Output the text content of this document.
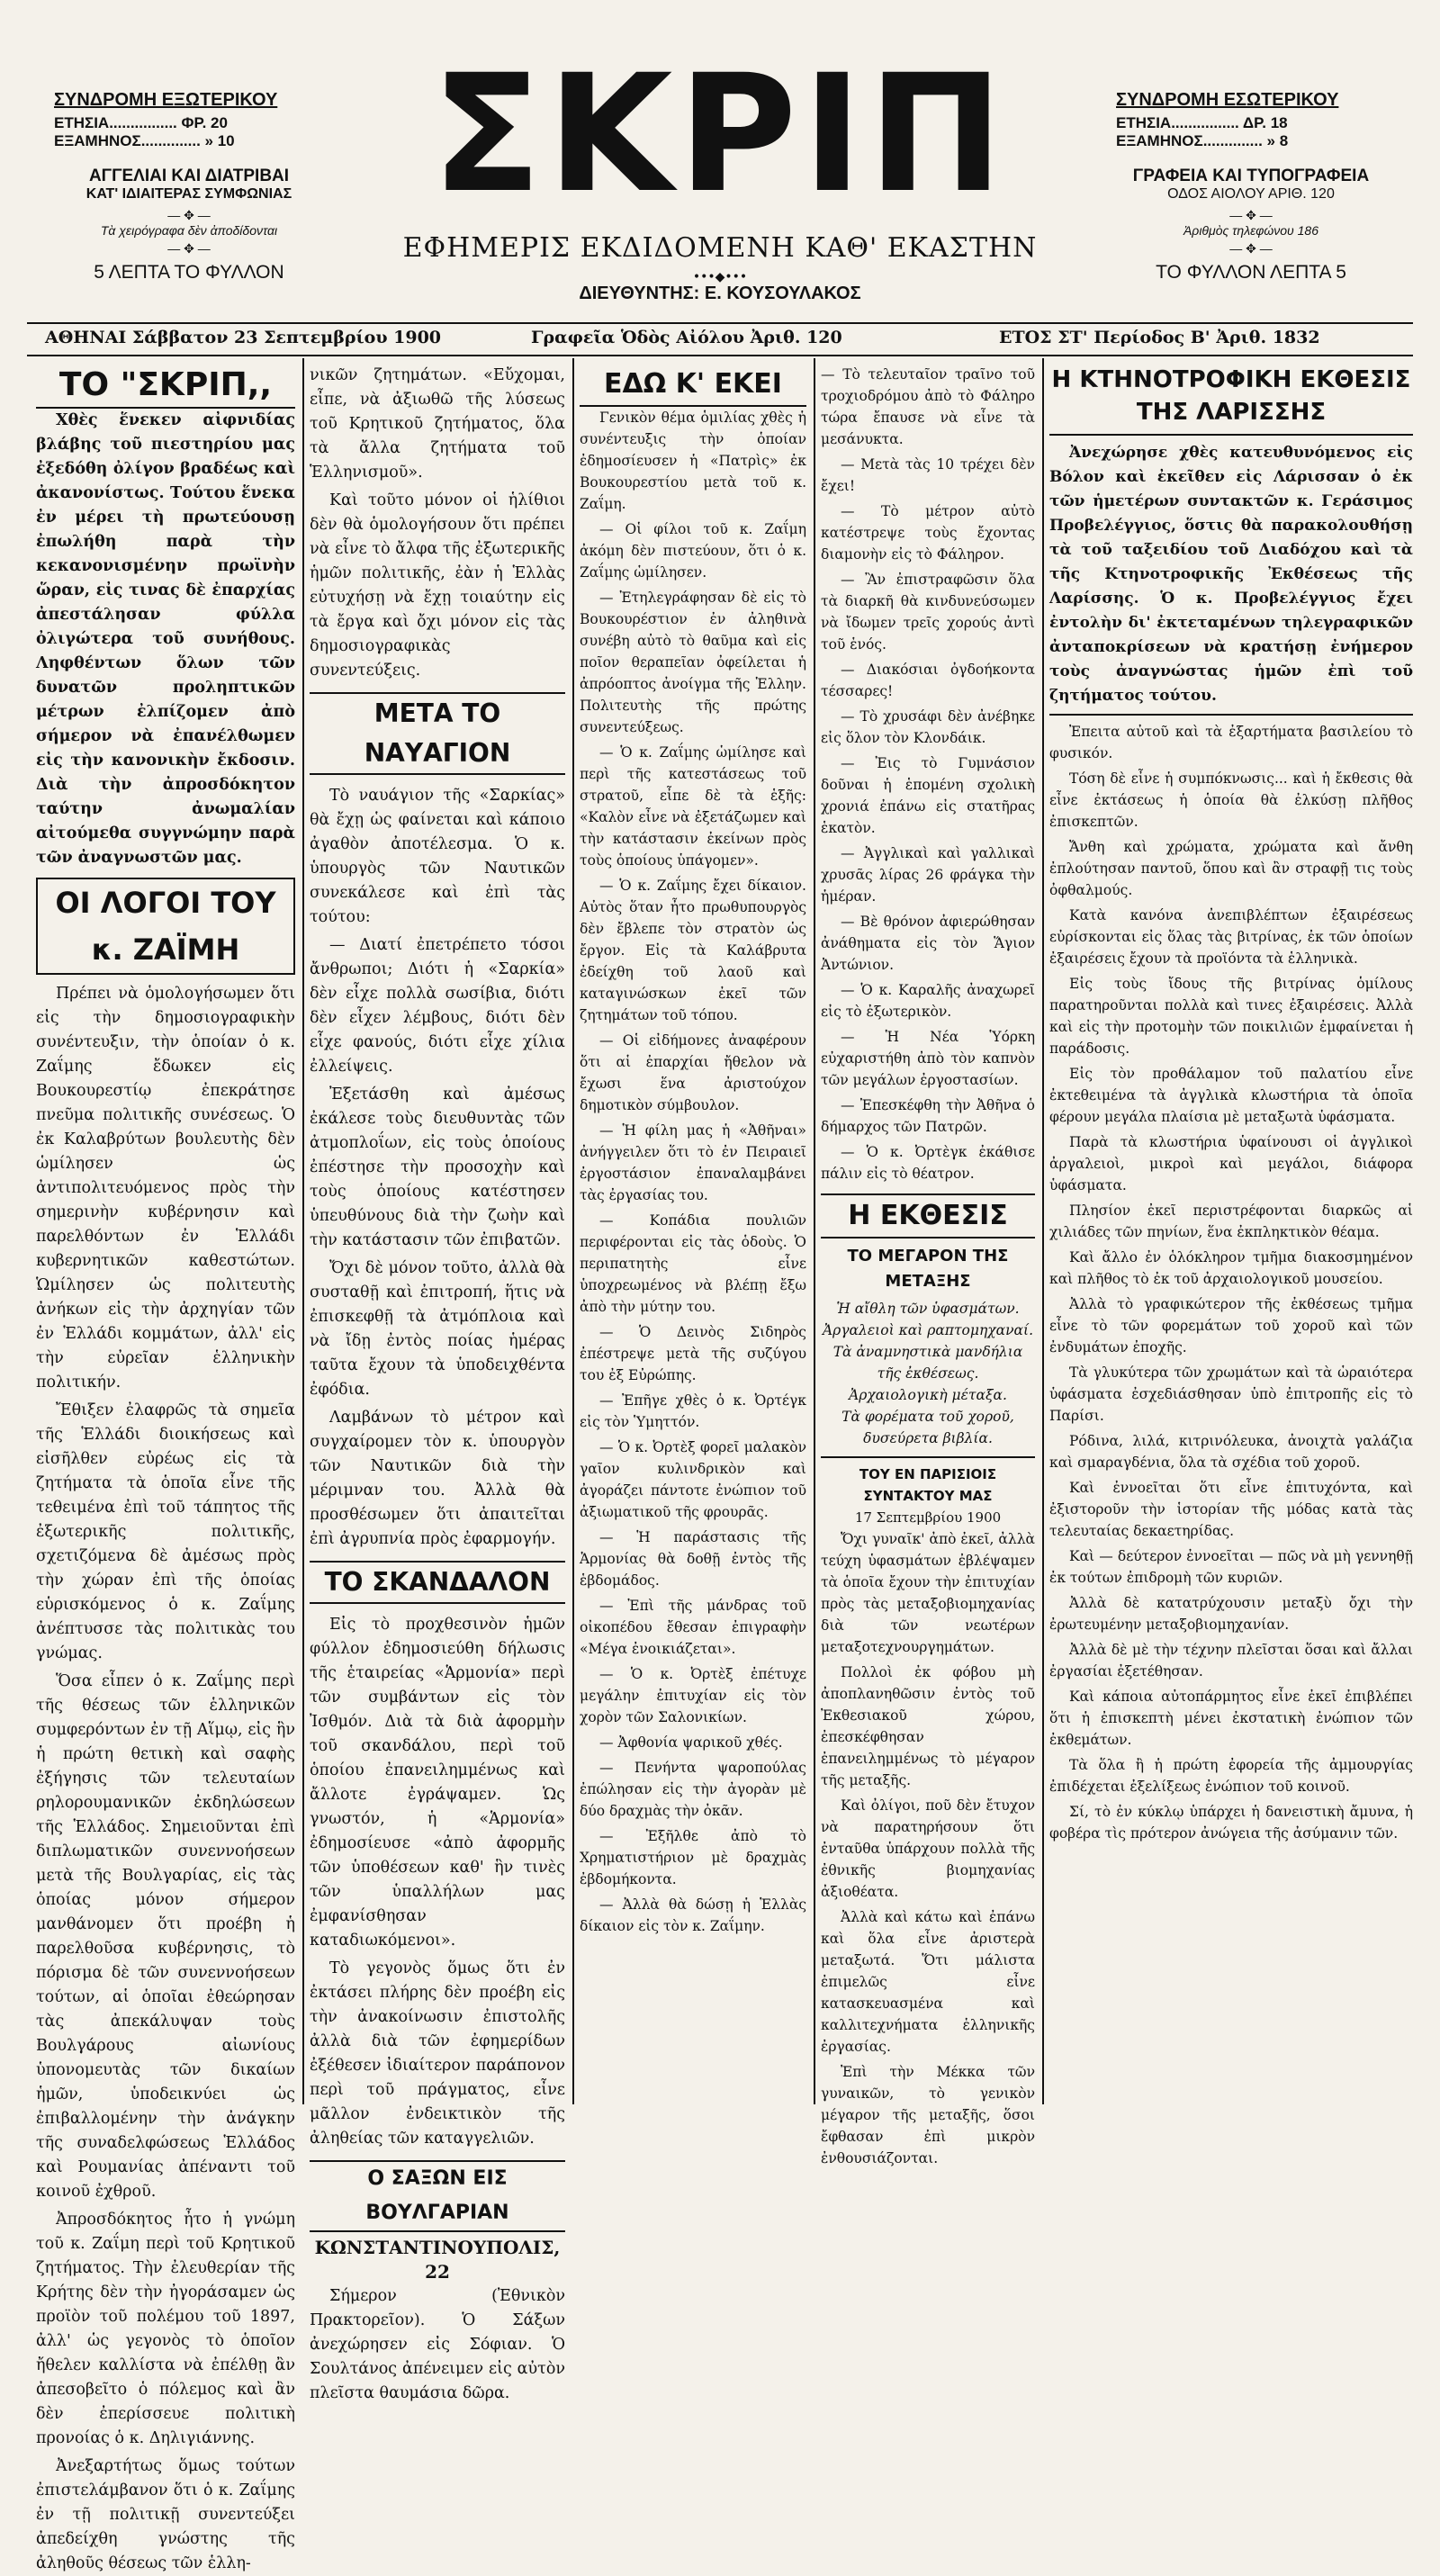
ΣΥΝΔΡΟΜΗ ΕΞΩΤΕΡΙΚΟΥ
ΕΤΗΣΙΑ................ ΦΡ. 20
ΕΞΑΜΗΝΟΣ.............. » 10
ΑΓΓΕΛΙΑΙ ΚΑΙ ΔΙΑΤΡΙΒΑΙ
ΚΑΤ' ΙΔΙΑΙΤΕΡΑΣ ΣΥΜΦΩΝΙΑΣ
— ✥ —
Τὰ χειρόγραφα δὲν ἀποδίδονται
— ✥ —
5 ΛΕΠΤΑ ΤΟ ΦΥΛΛΟΝ
ΣΚΡΙΠ
ΕΦΗΜΕΡΙΣ ΕΚΔΙΔΟΜΕΝΗ ΚΑΘ' ΕΚΑΣΤΗΝ
•••◆•••
ΔΙΕΥΘΥΝΤΗΣ: Ε. ΚΟΥΣΟΥΛΑΚΟΣ
ΣΥΝΔΡΟΜΗ ΕΣΩΤΕΡΙΚΟΥ
ΕΤΗΣΙΑ................ ΔΡ. 18
ΕΞΑΜΗΝΟΣ.............. » 8
ΓΡΑΦΕΙΑ ΚΑΙ ΤΥΠΟΓΡΑΦΕΙΑ
ΟΔΟΣ ΑΙΟΛΟΥ ΑΡΙΘ. 120
— ✥ —
Ἀριθμὸς τηλεφώνου 186
— ✥ —
ΤΟ ΦΥΛΛΟΝ ΛΕΠΤΑ 5
ΑΘΗΝΑΙ Σάββατον 23 Σεπτεμβρίου 1900	Γραφεῖα Ὁδὸς Αἰόλου Ἀριθ. 120	ΕΤΟΣ ΣΤ' Περίοδος Β' Ἀριθ. 1832
ΤΟ "ΣΚΡΙΠ,,

Χθὲς ἕνεκεν αἰφνιδίας βλάβης τοῦ πιεστηρίου μας ἐξεδόθη ὀλίγον βραδέως καὶ ἀκανονίστως. Τούτου ἕνεκα ἐν μέρει τὴ πρωτεύουσῃ ἐπωλήθη παρὰ τὴν κεκανονισμένην πρωϊνὴν ὥραν, εἰς τινας δὲ ἐπαρχίας ἀπεστάλησαν φύλλα ὀλιγώτερα τοῦ συνήθους. Ληφθέντων ὅλων τῶν δυνατῶν προληπτικῶν μέτρων ἐλπίζομεν ἀπὸ σήμερον νὰ ἐπανέλθωμεν εἰς τὴν κανονικὴν ἔκδοσιν. Διὰ τὴν ἀπροσδόκητον ταύτην ἀνωμαλίαν αἰτούμεθα συγγνώμην παρὰ τῶν ἀναγνωστῶν μας.

ΟΙ ΛΟΓΟΙ ΤΟΥ κ. ΖΑΪΜΗ

Πρέπει νὰ ὁμολογήσωμεν ὅτι εἰς τὴν δημοσιογραφικὴν συνέντευξιν, τὴν ὁποίαν ὁ κ. Ζαΐμης ἔδωκεν εἰς Βουκουρεστίῳ ἐπεκράτησε πνεῦμα πολιτικῆς συνέσεως. Ὁ ἐκ Καλαβρύτων βουλευτὴς δὲν ὡμίλησεν ὡς ἀντιπολιτευόμενος πρὸς τὴν σημερινὴν κυβέρνησιν καὶ παρελθόντων ἐν Ἑλλάδι κυβερνητικῶν καθεστώτων. Ὡμίλησεν ὡς πολιτευτὴς ἀνήκων εἰς τὴν ἀρχηγίαν τῶν ἐν Ἑλλάδι κομμάτων, ἀλλ' εἰς τὴν εὐρεῖαν ἑλληνικὴν πολιτικήν.

Ἔθιξεν ἐλαφρῶς τὰ σημεῖα τῆς Ἑλλάδι διοικήσεως καὶ εἰσῆλθεν εὐρέως εἰς τὰ ζητήματα τὰ ὁποῖα εἶνε τῆς τεθειμένα ἐπὶ τοῦ τάπητος τῆς ἐξωτερικῆς πολιτικῆς, σχετιζόμενα δὲ ἀμέσως πρὸς τὴν χώραν ἐπὶ τῆς ὁποίας εὑρισκόμενος ὁ κ. Ζαΐμης ἀνέπτυσσε τὰς πολιτικὰς του γνώμας.

Ὅσα εἶπεν ὁ κ. Ζαΐμης περὶ τῆς θέσεως τῶν ἑλληνικῶν συμφερόντων ἐν τῇ Αἵμῳ, εἰς ἣν ἡ πρώτη θετικὴ καὶ σαφὴς ἐξήγησις τῶν τελευταίων ρηλορουμανικῶν ἐκδηλώσεων τῆς Ἑλλάδος. Σημειοῦνται ἐπὶ διπλωματικῶν συνεννοήσεων μετὰ τῆς Βουλγαρίας, εἰς τὰς ὁποίας μόνον σήμερον μανθάνομεν ὅτι προέβη ἡ παρελθοῦσα κυβέρνησις, τὸ πόρισμα δὲ τῶν συνεννοήσεων τούτων, αἱ ὁποῖαι ἐθεώρησαν τὰς ἀπεκάλυψαν τοὺς Βουλγάρους αἰωνίους ὑπονομευτὰς τῶν δικαίων ἡμῶν, ὑποδεικνύει ὡς ἐπιβαλλομένην τὴν ἀνάγκην τῆς συναδελφώσεως Ἑλλάδος καὶ Ρουμανίας ἀπέναντι τοῦ κοινοῦ ἐχθροῦ.

Ἀπροσδόκητος ἦτο ἡ γνώμη τοῦ κ. Ζαΐμη περὶ τοῦ Κρητικοῦ ζητήματος. Τὴν ἐλευθερίαν τῆς Κρήτης δὲν τὴν ἠγοράσαμεν ὡς προϊὸν τοῦ πολέμου τοῦ 1897, ἀλλ' ὡς γεγονὸς τὸ ὁποῖον ἤθελεν καλλίστα νὰ ἐπέλθῃ ἂν ἀπεσοβεῖτο ὁ πόλεμος καὶ ἂν δὲν ἐπερίσσευε πολιτικὴ προνοίας ὁ κ. Δηλιγιάννης.

Ἀνεξαρτήτως ὅμως τούτων ἐπιστελάμβανον ὅτι ὁ κ. Ζαΐμης ἐν τῇ πολιτικῇ συνεντεύξει ἀπεδείχθη γνώστης τῆς ἀληθοῦς θέσεως τῶν ἑλλη-

νικῶν ζητημάτων. «Εὔχομαι, εἶπε, νὰ ἀξιωθῶ τῆς λύσεως τοῦ Κρητικοῦ ζητήματος, ὅλα τὰ ἄλλα ζητήματα τοῦ Ἑλληνισμοῦ».

Καὶ τοῦτο μόνον οἱ ἡλίθιοι δὲν θὰ ὁμολογήσουν ὅτι πρέπει νὰ εἶνε τὸ ἄλφα τῆς ἐξωτερικῆς ἡμῶν πολιτικῆς, ἐὰν ἡ Ἑλλὰς εὐτυχήσῃ νὰ ἔχῃ τοιαύτην εἰς τὰ ἔργα καὶ ὄχι μόνον εἰς τὰς δημοσιογραφικὰς συνεντεύξεις.

ΜΕΤΑ ΤΟ ΝΑΥΑΓΙΟΝ

Τὸ ναυάγιον τῆς «Σαρκίας» θὰ ἔχῃ ὡς φαίνεται καὶ κάποιο ἀγαθὸν ἀποτέλεσμα. Ὁ κ. ὑπουργὸς τῶν Ναυτικῶν συνεκάλεσε καὶ ἐπὶ τὰς τούτου:

— Διατί ἐπετρέπετο τόσοι ἄνθρωποι; Διότι ἡ «Σαρκία» δὲν εἶχε πολλὰ σωσίβια, διότι δὲν εἶχεν λέμβους, διότι δὲν εἶχε φανούς, διότι εἶχε χίλια ἐλλείψεις.

Ἐξετάσθη καὶ ἀμέσως ἐκάλεσε τοὺς διευθυντὰς τῶν ἀτμοπλοΐων, εἰς τοὺς ὁποίους ἐπέστησε τὴν προσοχὴν καὶ τοὺς ὁποίους κατέστησεν ὑπευθύνους διὰ τὴν ζωὴν καὶ τὴν κατάστασιν τῶν ἐπιβατῶν.

Ὄχι δὲ μόνον τοῦτο, ἀλλὰ θὰ συσταθῇ καὶ ἐπιτροπή, ἥτις νὰ ἐπισκεφθῇ τὰ ἀτμόπλοια καὶ νὰ ἴδῃ ἐντὸς ποίας ἡμέρας ταῦτα ἔχουν τὰ ὑποδειχθέντα ἐφόδια.

Λαμβάνων τὸ μέτρον καὶ συγχαίρομεν τὸν κ. ὑπουργὸν τῶν Ναυτικῶν διὰ τὴν μέριμναν του. Ἀλλὰ θὰ προσθέσωμεν ὅτι ἀπαιτεῖται ἐπὶ ἀγρυπνία πρὸς ἐφαρμογήν.

ΤΟ ΣΚΑΝΔΑΛΟΝ

Εἰς τὸ προχθεσινὸν ἡμῶν φύλλον ἐδημοσιεύθη δήλωσις τῆς ἑταιρείας «Ἁρμονία» περὶ τῶν συμβάντων εἰς τὸν Ἰσθμόν. Διὰ τὰ διὰ ἀφορμὴν τοῦ σκανδάλου, περὶ τοῦ ὁποίου ἐπανειλημμένως καὶ ἄλλοτε ἐγράψαμεν. Ὡς γνωστόν, ἡ «Ἁρμονία» ἐδημοσίευσε «ἀπὸ ἀφορμῆς τῶν ὑποθέσεων καθ' ἣν τινὲς τῶν ὑπαλλήλων μας ἐμφανίσθησαν καταδιωκόμενοι».

Τὸ γεγονὸς ὅμως ὅτι ἐν ἐκτάσει πλήρης δὲν προέβη εἰς τὴν ἀνακοίνωσιν ἐπιστολῆς ἀλλὰ διὰ τῶν ἐφημερίδων ἐξέθεσεν ἰδιαίτερον παράπονον περὶ τοῦ πράγματος, εἶνε μᾶλλον ἐνδεικτικὸν τῆς ἀληθείας τῶν καταγγελιῶν.

Ο ΣΑΞΩΝ ΕΙΣ ΒΟΥΛΓΑΡΙΑΝ
ΚΩΝΣΤΑΝΤΙΝΟΥΠΟΛΙΣ, 22

Σήμερον (Ἐθνικὸν Πρακτορεῖον). Ὁ Σάξων ἀνεχώρησεν εἰς Σόφιαν. Ὁ Σουλτάνος ἀπένειμεν εἰς αὐτὸν πλεῖστα θαυμάσια δῶρα.

ΕΔΩ Κ' ΕΚΕΙ

Γενικὸν θέμα ὁμιλίας χθὲς ἡ συνέντευξις τὴν ὁποίαν ἐδημοσίευσεν ἡ «Πατρὶς» ἐκ Βουκουρεστίου μετὰ τοῦ κ. Ζαΐμη.

— Οἱ φίλοι τοῦ κ. Ζαΐμη ἀκόμη δὲν πιστεύουν, ὅτι ὁ κ. Ζαΐμης ὡμίλησεν.

— Ἐτηλεγράφησαν δὲ εἰς τὸ Βουκουρέστιον ἐν ἀληθινὰ συνέβη αὐτὸ τὸ θαῦμα καὶ εἰς ποῖον θεραπεῖαν ὀφείλεται ἡ ἀπρόοπτος ἀνοίγμα τῆς Ἑλλην. Πολιτευτὴς τῆς πρώτης συνεντεύξεως.

— Ὁ κ. Ζαΐμης ὡμίλησε καὶ περὶ τῆς κατεστάσεως τοῦ στρατοῦ, εἶπε δὲ τὰ ἑξῆς: «Καλὸν εἶνε νὰ ἐξετάζωμεν καὶ τὴν κατάστασιν ἐκείνων πρὸς τοὺς ὁποίους ὑπάγομεν».

— Ὁ κ. Ζαΐμης ἔχει δίκαιον. Αὐτὸς ὅταν ἦτο πρωθυπουργὸς δὲν ἔβλεπε τὸν στρατὸν ὡς ἔργον. Εἰς τὰ Καλάβρυτα ἐδείχθη τοῦ λαοῦ καὶ καταγινώσκων ἐκεῖ τῶν ζητημάτων τοῦ τόπου.

— Οἱ εἰδήμονες ἀναφέρουν ὅτι αἱ ἐπαρχίαι ἤθελον νὰ ἔχωσι ἕνα ἀριστούχον δημοτικὸν σύμβουλον.

— Ἡ φίλη μας ἡ «Ἀθῆναι» ἀνήγγειλεν ὅτι τὸ ἐν Πειραιεῖ ἐργοστάσιον ἐπαναλαμβάνει τὰς ἐργασίας του.

— Κοπάδια πουλιῶν περιφέρονται εἰς τὰς ὁδοὺς. Ὁ περιπατητὴς εἶνε ὑποχρεωμένος νὰ βλέπῃ ἔξω ἀπὸ τὴν μύτην του.

— Ὁ Δεινὸς Σιδηρὸς ἐπέστρεψε μετὰ τῆς συζύγου του ἐξ Εὐρώπης.

— Ἐπῆγε χθὲς ὁ κ. Ὀρτέγκ εἰς τὸν Ὑμηττόν.

— Ὁ κ. Ὀρτὲξ φορεῖ μαλακὸν γαῖον κυλινδρικὸν καὶ ἀγοράζει πάντοτε ἐνώπιον τοῦ ἀξιωματικοῦ τῆς φρουρᾶς.

— Ἡ παράστασις τῆς Ἁρμονίας θὰ δοθῇ ἐντὸς τῆς ἑβδομάδος.

— Ἐπὶ τῆς μάνδρας τοῦ οἰκοπέδου ἔθεσαν ἐπιγραφὴν «Μέγα ἐνοικιάζεται».

— Ὁ κ. Ὀρτὲξ ἐπέτυχε μεγάλην ἐπιτυχίαν εἰς τὸν χορὸν τῶν Σαλονικίων.

— Ἀφθονία ψαρικοῦ χθές.

— Πενήντα ψαροπούλας ἐπώλησαν εἰς τὴν ἀγορὰν μὲ δύο δραχμὰς τὴν ὀκᾶν.

— Ἐξῆλθε ἀπὸ τὸ Χρηματιστήριον μὲ δραχμὰς ἐβδομήκοντα.

— Ἀλλὰ θὰ δώσῃ ἡ Ἑλλὰς δίκαιον εἰς τὸν κ. Ζαΐμην.

— Τὸ τελευταῖον τραῖνο τοῦ τροχιοδρόμου ἀπὸ τὸ Φάληρο τώρα ἔπαυσε νὰ εἶνε τὰ μεσάνυκτα.

— Μετὰ τὰς 10 τρέχει δὲν ἔχει!

— Τὸ μέτρον αὐτὸ κατέστρεψε τοὺς ἔχοντας διαμονὴν εἰς τὸ Φάληρον.

— Ἂν ἐπιστραφῶσιν ὅλα τὰ διαρκῆ θὰ κινδυνεύσωμεν νὰ ἴδωμεν τρεῖς χορούς ἀντὶ τοῦ ἑνός.

— Διακόσιαι ὀγδοήκοντα τέσσαρες!

— Τὸ χρυσάφι δὲν ἀνέβηκε εἰς ὅλον τὸν Κλονδάικ.

— Ἐις τὸ Γυμνάσιον δοῦναι ἡ ἑπομένη σχολικὴ χρονιά ἐπάνω εἰς στατῆρας ἑκατὸν.

— Ἀγγλικαὶ καὶ γαλλικαὶ χρυσᾶς λίρας 26 φράγκα τὴν ἡμέραν.

— Βὲ θρόνον ἀφιερώθησαν ἀνάθηματα εἰς τὸν Ἅγιον Ἀντώνιον.

— Ὁ κ. Καραλῆς ἀναχωρεῖ εἰς τὸ ἐξωτερικὸν.

— Ἡ Νέα Ὑόρκη εὐχαριστήθη ἀπὸ τὸν καπνὸν τῶν μεγάλων ἐργοστασίων.

— Ἐπεσκέφθη τὴν Ἀθῆνα ὁ δήμαρχος τῶν Πατρῶν.

— Ὁ κ. Ὀρτὲγκ ἐκάθισε πάλιν εἰς τὸ θέατρον.

Η ΕΚΘΕΣΙΣ
ΤΟ ΜΕΓΑΡΟΝ ΤΗΣ ΜΕΤΑΞΗΣ
Ἡ αἴθλη τῶν ὑφασμάτων.
Ἀργαλειοὶ καὶ ραπτομηχαναί.
Τὰ ἀναμνηστικὰ μανδήλια τῆς ἐκθέσεως.
Ἀρχαιολογικὴ μέταξα.
Τὰ φορέματα τοῦ χοροῦ, δυσεύρετα βιβλία.
ΤΟΥ ΕΝ ΠΑΡΙΣΙΟΙΣ ΣΥΝΤΑΚΤΟΥ ΜΑΣ
17 Σεπτεμβρίου 1900

Ὄχι γυναῖκ' ἀπὸ ἐκεῖ, ἀλλὰ τεύχη ὑφασμάτων ἐβλέψαμεν τὰ ὁποῖα ἔχουν τὴν ἐπιτυχίαν πρὸς τὰς μεταξοβιομηχανίας διὰ τῶν νεωτέρων μεταξοτεχνουργημάτων.

Πολλοὶ ἐκ φόβου μὴ ἀποπλανηθῶσιν ἐντὸς τοῦ Ἐκθεσιακοῦ χώρου, ἐπεσκέφθησαν ἐπανειλημμένως τὸ μέγαρον τῆς μεταξῆς.

Καὶ ὀλίγοι, ποῦ δὲν ἔτυχον νὰ παρατηρήσουν ὅτι ἐνταῦθα ὑπάρχουν πολλὰ τῆς ἐθνικῆς βιομηχανίας ἀξιοθέατα.

Ἀλλὰ καὶ κάτω καὶ ἐπάνω καὶ ὅλα εἶνε ἀριστερὰ μεταξωτά. Ὅτι μάλιστα ἐπιμελῶς εἶνε κατασκευασμένα καὶ καλλιτεχνήματα ἑλληνικῆς ἐργασίας.

Ἐπὶ τὴν Μέκκα τῶν γυναικῶν, τὸ γενικὸν μέγαρον τῆς μεταξῆς, ὅσοι ἔφθασαν ἐπὶ μικρὸν ἐνθουσιάζονται.

Η ΚΤΗΝΟΤΡΟΦΙΚΗ ΕΚΘΕΣΙΣ ΤΗΣ ΛΑΡΙΣΣΗΣ

Ἀνεχώρησε χθὲς κατευθυνόμενος εἰς Βόλον καὶ ἐκεῖθεν εἰς Λάρισσαν ὁ ἐκ τῶν ἡμετέρων συντακτῶν κ. Γεράσιμος Προβελέγγιος, ὅστις θὰ παρακολουθήσῃ τὰ τοῦ ταξειδίου τοῦ Διαδόχου καὶ τὰ τῆς Κτηνοτροφικῆς Ἐκθέσεως τῆς Λαρίσσης. Ὁ κ. Προβελέγγιος ἔχει ἐντολὴν δι' ἐκτεταμένων τηλεγραφικῶν ἀνταποκρίσεων νὰ κρατήσῃ ἐνήμερον τοὺς ἀναγνώστας ἡμῶν ἐπὶ τοῦ ζητήματος τούτου.

Ἐπειτα αὐτοῦ καὶ τὰ ἐξαρτήματα βασιλείου τὸ φυσικόν.

Τόση δὲ εἶνε ἡ συμπόκνωσις... καὶ ἡ ἔκθεσις θὰ εἶνε ἐκτάσεως ἡ ὁποία θὰ ἐλκύσῃ πλῆθος ἐπισκεπτῶν.

Ἄνθη καὶ χρώματα, χρώματα καὶ ἄνθη ἐπλούτησαν παντοῦ, ὅπου καὶ ἂν στραφῇ τις τοὺς ὀφθαλμούς.

Κατὰ κανόνα ἀνεπιβλέπτων ἐξαιρέσεως εὐρίσκονται εἰς ὅλας τὰς βιτρίνας, ἐκ τῶν ὁποίων ἐξαιρέσεις ἔχουν τὰ προϊόντα τὰ ἑλληνικὰ.

Εἰς τοὺς ἴδους τῆς βιτρίνας ὁμίλους παρατηροῦνται πολλὰ καὶ τινες ἐξαιρέσεις. Ἀλλὰ καὶ εἰς τὴν προτομὴν τῶν ποικιλιῶν ἐμφαίνεται ἡ παράδοσις.

Εἰς τὸν προθάλαμον τοῦ παλατίου εἶνε ἐκτεθειμένα τὰ ἀγγλικὰ κλωστήρια τὰ ὁποῖα φέρουν μεγάλα πλαίσια μὲ μεταξωτὰ ὑφάσματα.

Παρὰ τὰ κλωστήρια ὑφαίνουσι οἱ ἀγγλικοὶ ἀργαλειοὶ, μικροὶ καὶ μεγάλοι, διάφορα ὑφάσματα.

Πλησίον ἐκεῖ περιστρέφονται διαρκῶς αἱ χιλιάδες τῶν πηνίων, ἕνα ἐκπληκτικὸν θέαμα.

Καὶ ἄλλο ἐν ὁλόκληρον τμῆμα διακοσμημένον καὶ πλῆθος τὸ ἐκ τοῦ ἀρχαιολογικοῦ μουσείου.

Ἀλλὰ τὸ γραφικώτερον τῆς ἐκθέσεως τμῆμα εἶνε τὸ τῶν φορεμάτων τοῦ χοροῦ καὶ τῶν ἐνδυμάτων ἐποχῆς.

Τὰ γλυκύτερα τῶν χρωμάτων καὶ τὰ ὡραιότερα ὑφάσματα ἐσχεδιάσθησαν ὑπὸ ἐπιτροπῆς εἰς τὸ Παρίσι.

Ρόδινα, λιλά, κιτρινόλευκα, ἀνοιχτὰ γαλάζια καὶ σμαραγδένια, ὅλα τὰ σχέδια τοῦ χοροῦ.

Καὶ ἐννοεῖται ὅτι εἶνε ἐπιτυχόντα, καὶ ἐξιστοροῦν τὴν ἱστορίαν τῆς μόδας κατὰ τὰς τελευταίας δεκαετηρίδας.

Καὶ — δεύτερον ἐννοεῖται — πῶς νὰ μὴ γεννηθῇ ἐκ τούτων ἐπιδρομὴ τῶν κυριῶν.

Ἀλλὰ δὲ κατατρύχουσιν μεταξὺ ὄχι τὴν ἐρωτευμένην μεταξοβιομηχανίαν.

Ἀλλὰ δὲ μὲ τὴν τέχνην πλεῖσται ὅσαι καὶ ἄλλαι ἐργασίαι ἐξετέθησαν.

Καὶ κάποια αὐτοπάρμητος εἶνε ἐκεῖ ἐπιβλέπει ὅτι ἡ ἐπισκεπτὴ μένει ἐκστατικὴ ἐνώπιον τῶν ἐκθεμάτων.

Τὰ ὅλα ἢ ἡ πρώτη ἐφορεία τῆς ἀμμουργίας ἐπιδέχεται ἐξελίξεως ἐνώπιον τοῦ κοινοῦ.

Σί, τὸ ἐν κύκλῳ ὑπάρχει ἡ δανειστικὴ ἄμυνα, ἡ φοβέρα τὶς πρότερον ἀνώγεια τῆς ἀσύμανιν τῶν.
